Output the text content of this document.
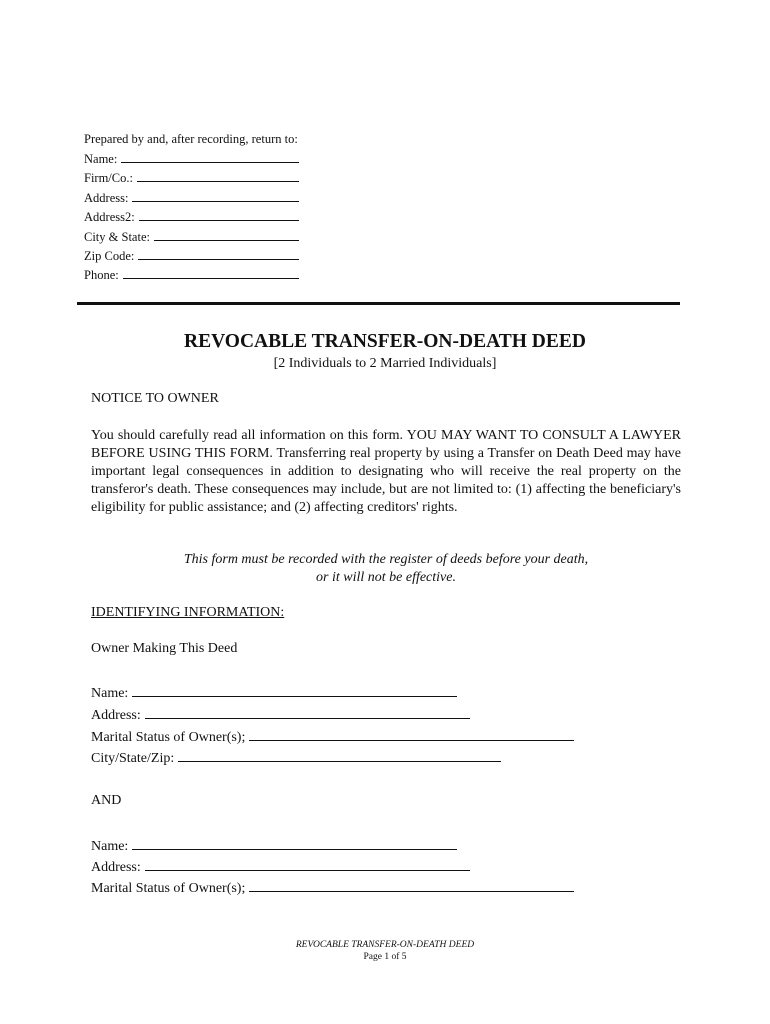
Prepared by and, after recording, return to:
Name:
Firm/Co.:
Address:
Address2:
City & State:
Zip Code:
Phone:
REVOCABLE TRANSFER-ON-DEATH DEED
[2 Individuals to 2 Married Individuals]
NOTICE TO OWNER
You should carefully read all information on this form. YOU MAY WANT TO CONSULT A LAWYER BEFORE USING THIS FORM. Transferring real property by using a Transfer on Death Deed may have important legal consequences in addition to designating who will receive the real property on the transferor's death. These consequences may include, but are not limited to: (1) affecting the beneficiary's eligibility for public assistance; and (2) affecting creditors' rights.
This form must be recorded with the register of deeds before your death,
or it will not be effective.
IDENTIFYING INFORMATION:
Owner Making This Deed
Name:
Address:
Marital Status of Owner(s);
City/State/Zip:
AND
Name:
Address:
Marital Status of Owner(s);
REVOCABLE TRANSFER-ON-DEATH DEED
Page 1 of 5
